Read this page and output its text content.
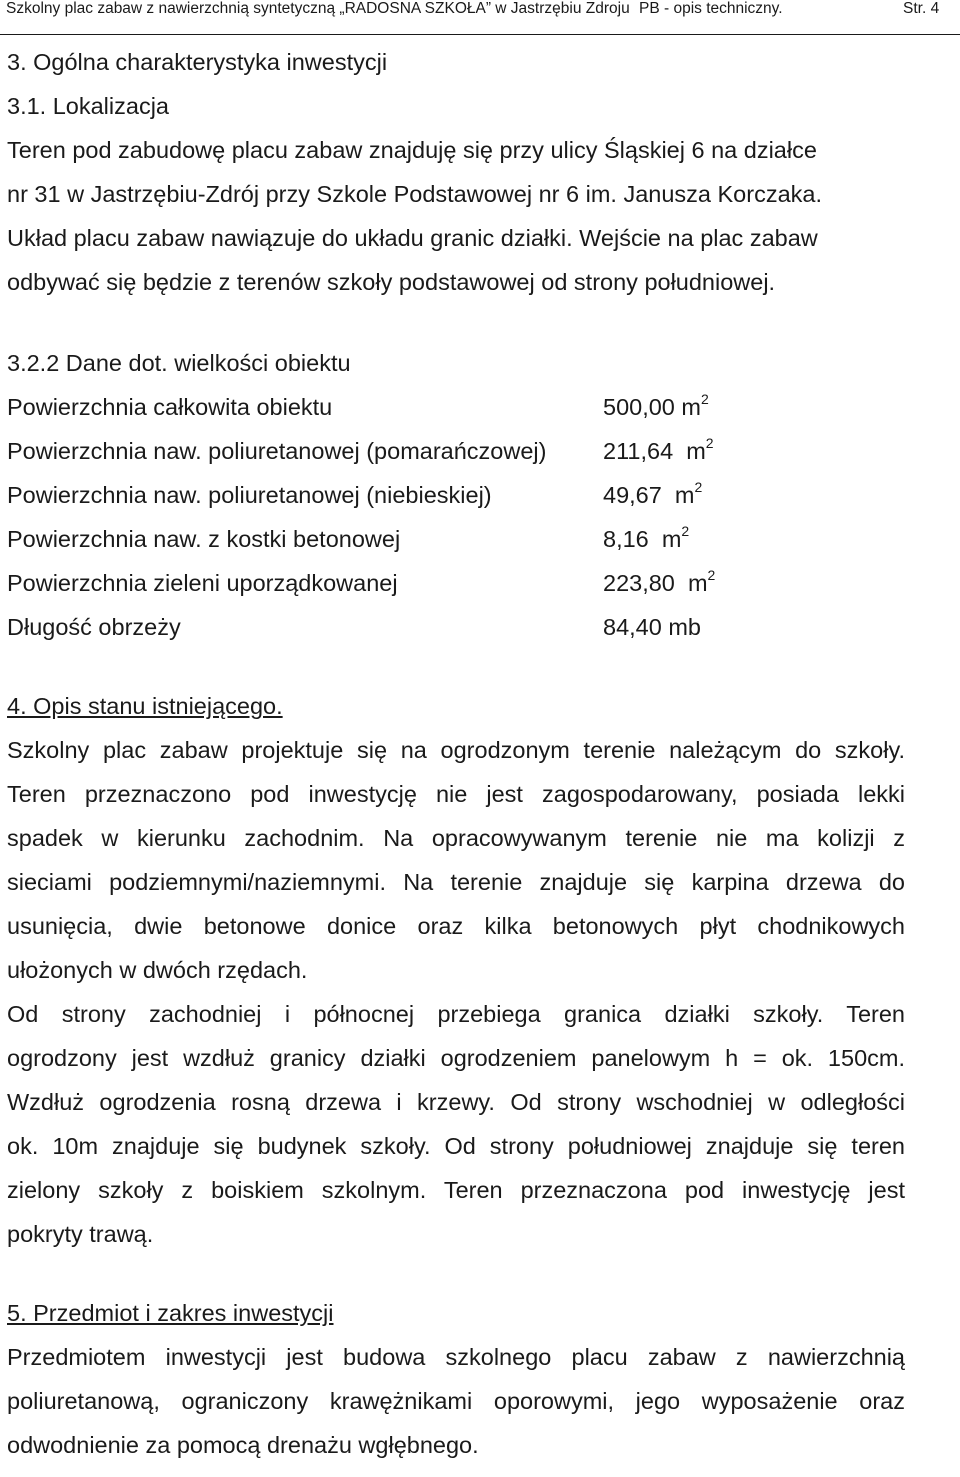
Szkolny plac zabaw z nawierzchnią syntetyczną „RADOSNA SZKOŁA” w Jastrzębiu Zdroju PB - opis techniczny.	Str. 4
3. Ogólna charakterystyka inwestycji
3.1. Lokalizacja
Teren pod zabudowę placu zabaw znajduję się przy ulicy Śląskiej 6 na działce
nr 31 w Jastrzębiu-Zdrój przy Szkole Podstawowej nr 6 im. Janusza Korczaka.
Układ placu zabaw nawiązuje do układu granic działki. Wejście na plac zabaw
odbywać się będzie z terenów szkoły podstawowej od strony południowej.
3.2.2 Dane dot. wielkości obiektu
Powierzchnia całkowita obiektu	500,00 $m^2$
Powierzchnia naw. poliuretanowej (pomarańczowej) 211,64 $m^2$
Powierzchnia naw. poliuretanowej (niebieskiej)	49,67 $m^2$
Powierzchnia naw. z kostki betonowej	8,16 $m^2$
Powierzchnia zieleni uporządkowanej	223,80 $m^2$
Długość obrzeży	84,40 mb
4. Opis stanu istniejącego.
Szkolny plac zabaw projektuje się na ogrodzonym terenie należącym do szkoły.
Teren przeznaczono pod inwestycję nie jest zagospodarowany, posiada lekki
spadek w kierunku zachodnim. Na opracowywanym terenie nie ma kolizji z
sieciami podziemnymi/naziemnymi. Na terenie znajduje się karpina drzewa do
usunięcia, dwie betonowe donice oraz kilka betonowych płyt chodnikowych
ułożonych w dwóch rzędach.
Od strony zachodniej i północnej przebiega granica działki szkoły. Teren
ogrodzony jest wzdłuż granicy działki ogrodzeniem panelowym h = ok. 150cm.
Wzdłuż ogrodzenia rosną drzewa i krzewy. Od strony wschodniej w odległości
ok. 10m znajduje się budynek szkoły. Od strony południowej znajduje się teren
zielony szkoły z boiskiem szkolnym. Teren przeznaczona pod inwestycję jest
pokryty trawą.
5. Przedmiot i zakres inwestycji
Przedmiotem inwestycji jest budowa szkolnego placu zabaw z nawierzchnią
poliuretanową, ograniczony krawężnikami oporowymi, jego wyposażenie oraz
odwodnienie za pomocą drenażu wgłębnego.
